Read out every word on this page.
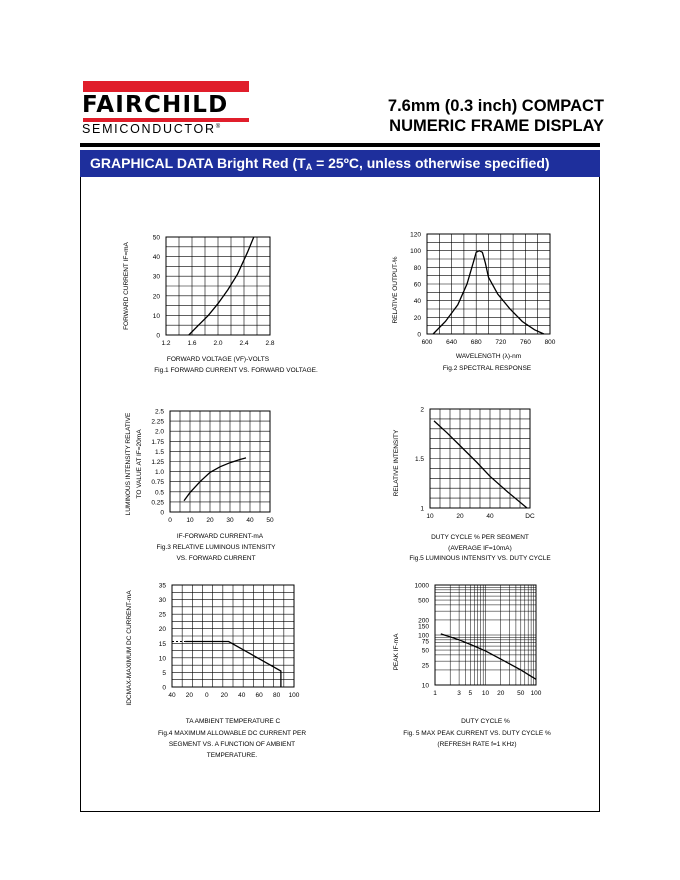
FAIRCHILD
SEMICONDUCTOR®
7.6mm (0.3 inch) COMPACT
NUMERIC FRAME DISPLAY
GRAPHICAL DATA Bright Red ($T_A$ = 25ºC, unless otherwise specified)
1.2	1.6	2.0	2.4	2.8
0
10
20
30
40
50
FORWARD VOLTAGE (VF)-VOLTS
FORWARD CURRENT IF=mA
Fig.1 FORWARD CURRENT VS. FORWARD VOLTAGE.
600 640 680 720 760 800
0
20
40
60
80
100
120
WAVELENGTH (λ)-nm
RELATIVE OUTPUT-%
Fig.2 SPECTRAL RESPONSE
0 10 20 30 40 50
0
0.25
0.5
0.75
1.0
1.25
1.5
1.75
2.0
2.25
2.5
IF-FORWARD CURRENT-mA
LUMINOUS INTENSITY RELATIVE TO VALUE AT IF=20mA
Fig.3 RELATIVE LUMINOUS INTENSITY
VS. FORWARD CURRENT
10	20	40	DC
1
1.5
2
DUTY CYCLE % PER SEGMENT
(AVERAGE IF=10mA)
RELATIVE INTENSITY
Fig.5 LUMINOUS INTENSITY VS. DUTY CYCLE
40 20 0 20 40 60 80 100
0
5
10
15
20
25
30
35
TA AMBIENT TEMPERATURE C
IDCMAX-MAXIMUM DC CURRENT-mA
Fig.4 MAXIMUM ALLOWABLE DC CURRENT PER
SEGMENT VS. A FUNCTION OF AMBIENT
TEMPERATURE.
1	3 5 10 20 50 100
10
25
50
75
100
150
200
500
1000
DUTY CYCLE %
PEAK IF-mA
Fig. 5 MAX PEAK CURRENT VS. DUTY CYCLE %
(REFRESH RATE f=1 KHz)
